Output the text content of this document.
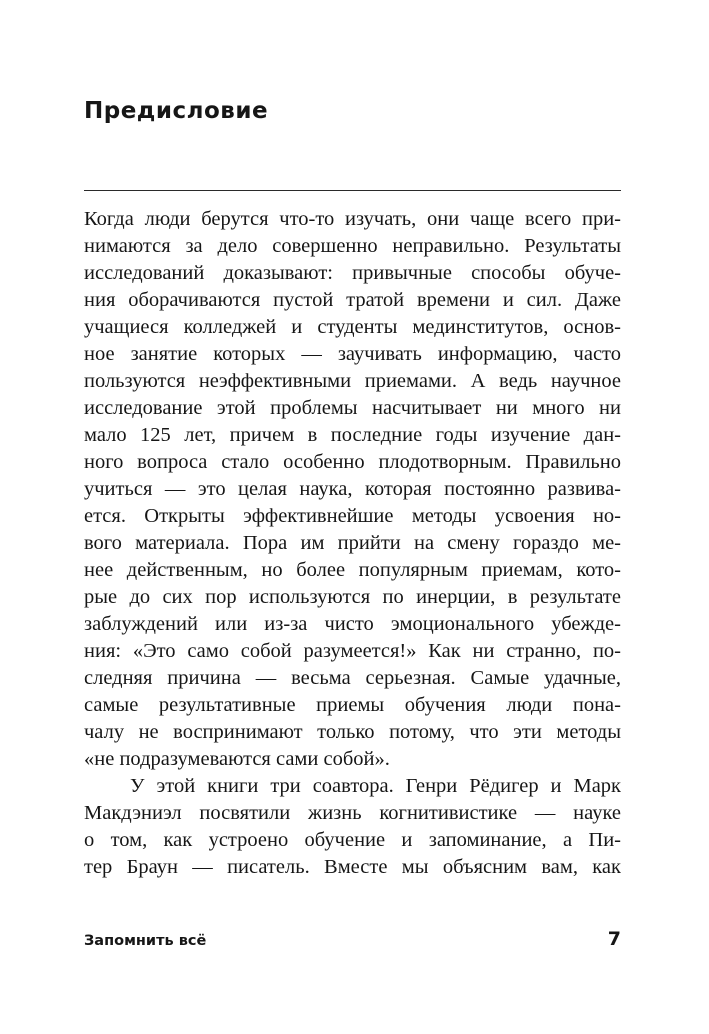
Предисловие
Когда люди берутся что-то изучать, они чаще всего при-
нимаются за дело совершенно неправильно. Результаты
исследований доказывают: привычные способы обуче-
ния оборачиваются пустой тратой времени и сил. Даже
учащиеся колледжей и студенты мединститутов, основ-
ное занятие которых — заучивать информацию, часто
пользуются неэффективными приемами. А ведь научное
исследование этой проблемы насчитывает ни много ни
мало 125 лет, причем в последние годы изучение дан-
ного вопроса стало особенно плодотворным. Правильно
учиться — это целая наука, которая постоянно развива-
ется. Открыты эффективнейшие методы усвоения но-
вого материала. Пора им прийти на смену гораздо ме-
нее действенным, но более популярным приемам, кото-
рые до сих пор используются по инерции, в результате
заблуждений или из-за чисто эмоционального убежде-
ния: «Это само собой разумеется!» Как ни странно, по-
следняя причина — весьма серьезная. Самые удачные,
самые результативные приемы обучения люди пона-
чалу не воспринимают только потому, что эти методы
«не подразумеваются сами собой».
У этой книги три соавтора. Генри Рёдигер и Марк
Макдэниэл посвятили жизнь когнитивистике — науке
о том, как устроено обучение и запоминание, а Пи-
тер Браун — писатель. Вместе мы объясним вам, как
Запомнить всё	7
